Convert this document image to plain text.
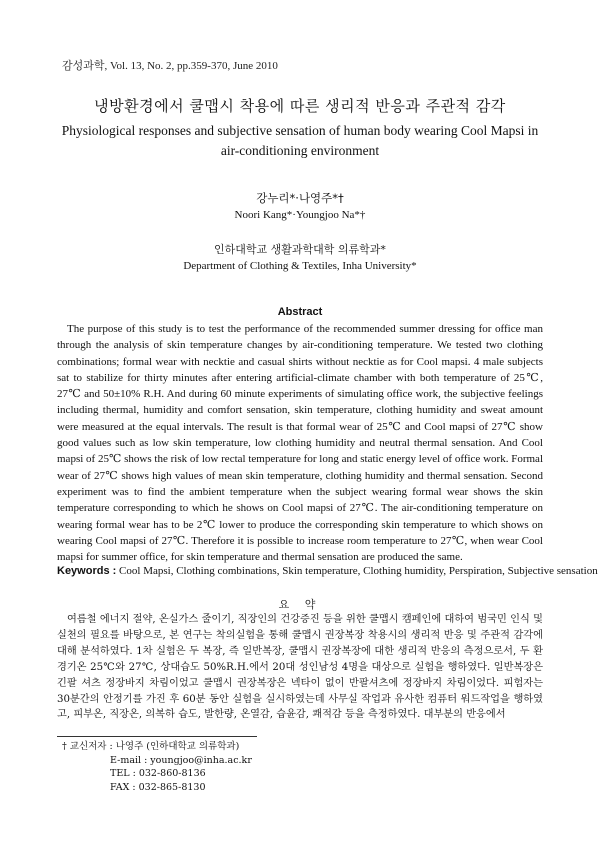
감성과학, Vol. 13, No. 2, pp.359-370, June 2010
냉방환경에서 쿨맵시 착용에 따른 생리적 반응과 주관적 감각
Physiological responses and subjective sensation of human body wearing Cool Mapsi in air-conditioning environment
강누리*·나영주*†
Noori Kang*·Youngjoo Na*†
인하대학교 생활과학대학 의류학과*
Department of Clothing & Textiles, Inha University*
Abstract

The purpose of this study is to test the performance of the recommended summer dressing for office man through the analysis of skin temperature changes by air-conditioning temperature. We tested two clothing combinations; formal wear with necktie and casual shirts without necktie as for Cool mapsi. 4 male subjects sat to stabilize for thirty minutes after entering artificial-climate chamber with both temperature of 25℃, 27℃ and 50±10% R.H. And during 60 minute experiments of simulating office work, the subjective feelings including thermal, humidity and comfort sensation, skin temperature, clothing humidity and sweat amount were measured at the equal intervals. The result is that formal wear of 25℃ and Cool mapsi of 27℃ show good values such as low skin temperature, low clothing humidity and neutral thermal sensation. And Cool mapsi of 25℃ shows the risk of low rectal temperature for long and static energy level of office work. Formal wear of 27℃ shows high values of mean skin temperature, clothing humidity and thermal sensation. Second experiment was to find the ambient temperature when the subject wearing formal wear shows the skin temperature corresponding to which he shows on Cool mapsi of 27℃. The air-conditioning temperature on wearing formal wear has to be 2℃ lower to produce the corresponding skin temperature to which shows on wearing Cool mapsi of 27℃. Therefore it is possible to increase room temperature to 27℃, when wear Cool mapsi for summer office, for skin temperature and thermal sensation are produced the same.

Keywords : Cool Mapsi, Clothing combinations, Skin temperature, Clothing humidity, Perspiration, Subjective sensation
요 약

여름철 에너지 절약, 온실가스 줄이기, 직장인의 건강증진 등을 위한 쿨맵시 캠페인에 대하여 범국민 인식 및 실천의 필요를 바탕으로, 본 연구는 착의실험을 통해 쿨맵시 권장복장 착용시의 생리적 반응 및 주관적 감각에 대해 분석하였다. 1차 실험은 두 복장, 즉 일반복장, 쿨맵시 권장복장에 대한 생리적 반응의 측정으로서, 두 환경기온 25℃와 27℃, 상대습도 50%R.H.에서 20대 성인남성 4명을 대상으로 실험을 행하였다. 일반복장은 긴팔 셔츠 정장바지 차림이었고 쿨맵시 권장복장은 넥타이 없이 반팔셔츠에 정장바지 차림이었다. 피험자는 30분간의 안정기를 가진 후 60분 동안 실험을 실시하였는데 사무실 작업과 유사한 컴퓨터 워드작업을 행하였고, 피부온, 직장온, 의복하 습도, 발한량, 온열감, 습윤감, 쾌적감 등을 측정하였다. 대부분의 반응에서

† 교신저자 : 나영주 (인하대학교 의류학과)
E-mail : youngjoo@inha.ac.kr
TEL : 032-860-8136
FAX : 032-865-8130
